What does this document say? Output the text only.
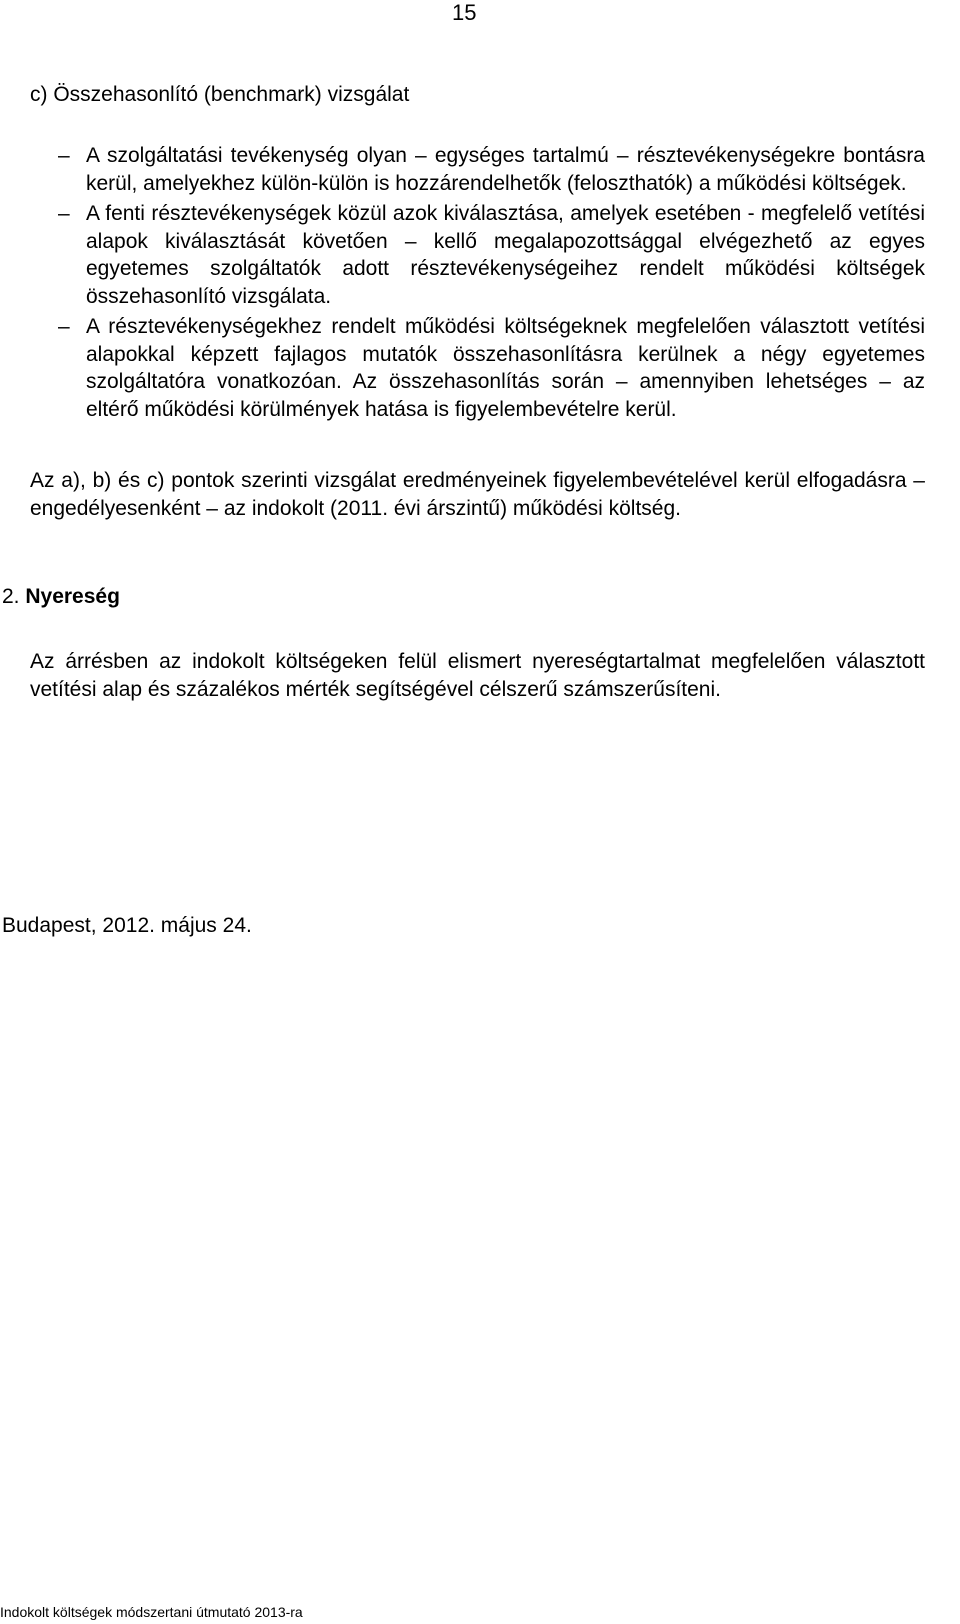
15
c) Összehasonlító (benchmark) vizsgálat
– A szolgáltatási tevékenység olyan – egységes tartalmú – résztevékenységekre bontásra kerül, amelyekhez külön-külön is hozzárendelhetők (feloszthatók) a működési költségek.
– A fenti résztevékenységek közül azok kiválasztása, amelyek esetében - megfelelő vetítési alapok kiválasztását követően – kellő megalapozottsággal elvégezhető az egyes egyetemes szolgáltatók adott résztevékenységeihez rendelt működési költségek összehasonlító vizsgálata.
– A résztevékenységekhez rendelt működési költségeknek megfelelően választott vetítési alapokkal képzett fajlagos mutatók összehasonlításra kerülnek a négy egyetemes szolgáltatóra vonatkozóan. Az összehasonlítás során – amennyiben lehetséges – az eltérő működési körülmények hatása is figyelembevételre kerül.

Az a), b) és c) pontok szerinti vizsgálat eredményeinek figyelembevételével kerül elfogadásra – engedélyesenként – az indokolt (2011. évi árszintű) működési költség.

2. Nyereség

Az árrésben az indokolt költségeken felül elismert nyereségtartalmat megfelelően választott vetítési alap és százalékos mérték segítségével célszerű számszerűsíteni.

Budapest, 2012. május 24.
Indokolt költségek módszertani útmutató 2013-ra
